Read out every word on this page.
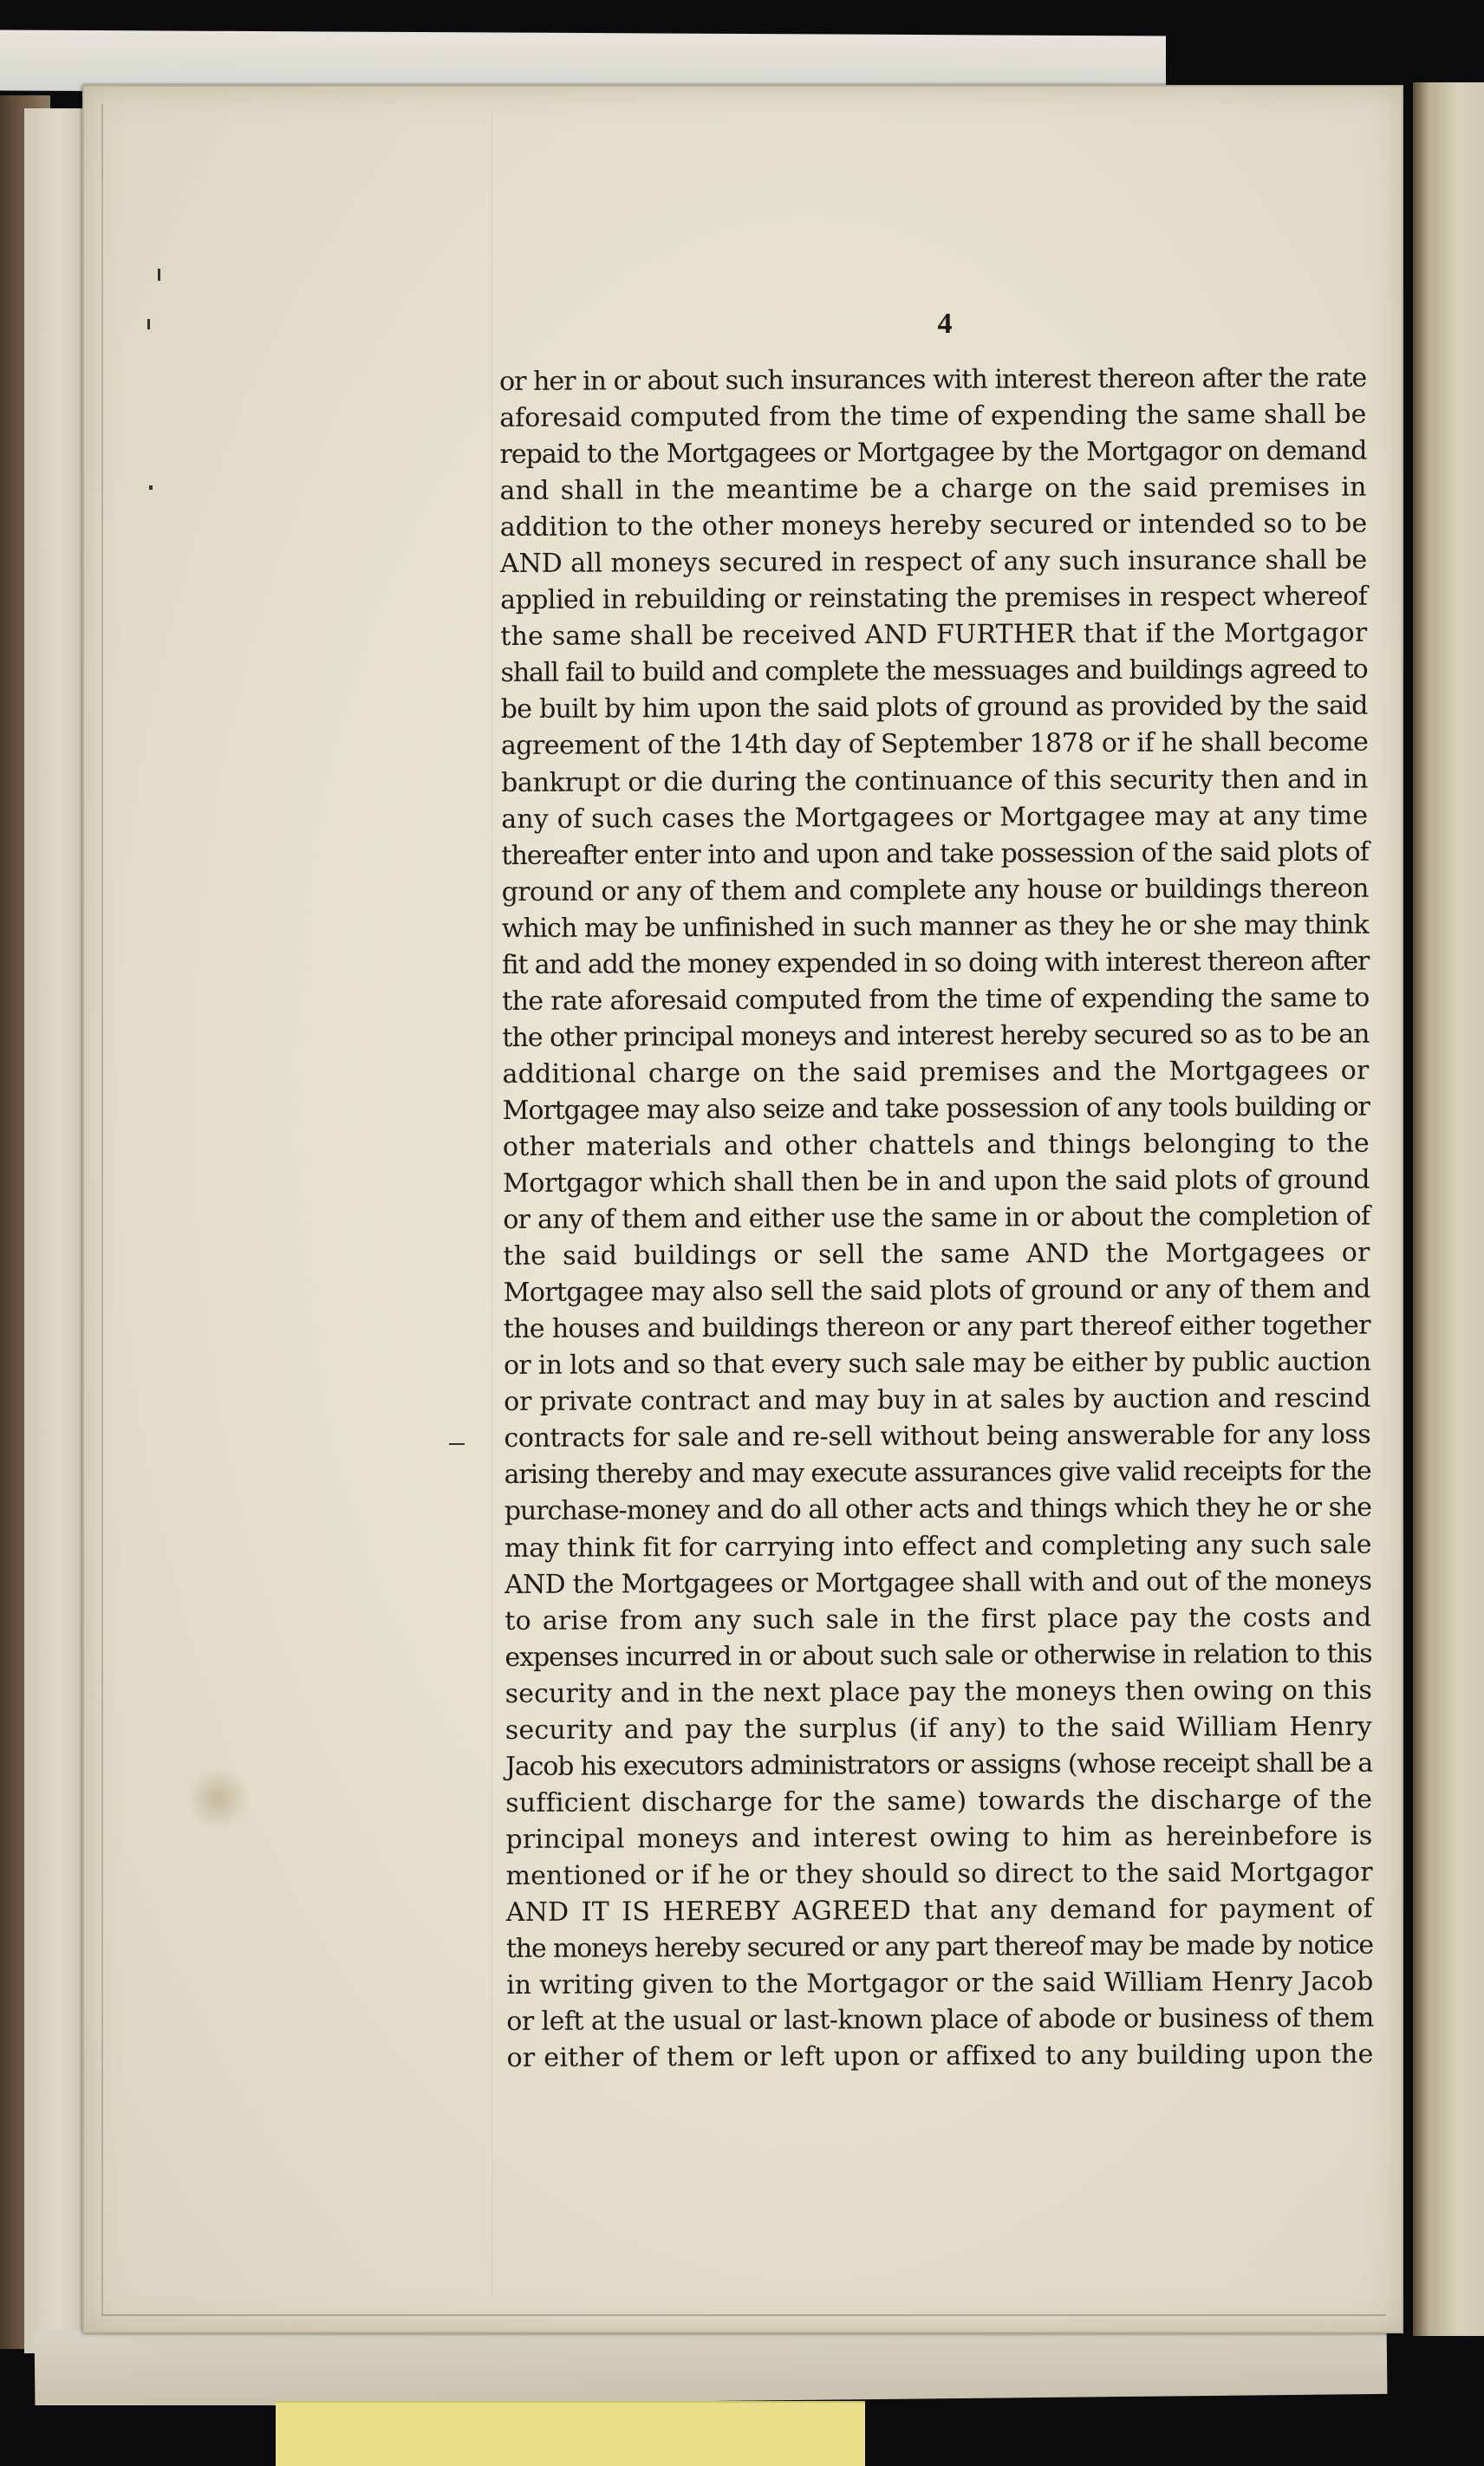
4
or her in or about such insurances with interest thereon after the rate
aforesaid computed from the time of expending the same shall be
repaid to the Mortgagees or Mortgagee by the Mortgagor on demand
and shall in the meantime be a charge on the said premises in
addition to the other moneys hereby secured or intended so to be
AND all moneys secured in respect of any such insurance shall be
applied in rebuilding or reinstating the premises in respect whereof
the same shall be received AND FURTHER that if the Mortgagor
shall fail to build and complete the messuages and buildings agreed to
be built by him upon the said plots of ground as provided by the said
agreement of the 14th day of September 1878 or if he shall become
bankrupt or die during the continuance of this security then and in
any of such cases the Mortgagees or Mortgagee may at any time
thereafter enter into and upon and take possession of the said plots of
ground or any of them and complete any house or buildings thereon
which may be unfinished in such manner as they he or she may think
fit and add the money expended in so doing with interest thereon after
the rate aforesaid computed from the time of expending the same to
the other principal moneys and interest hereby secured so as to be an
additional charge on the said premises and the Mortgagees or
Mortgagee may also seize and take possession of any tools building or
other materials and other chattels and things belonging to the
Mortgagor which shall then be in and upon the said plots of ground
or any of them and either use the same in or about the completion of
the said buildings or sell the same AND the Mortgagees or
Mortgagee may also sell the said plots of ground or any of them and
the houses and buildings thereon or any part thereof either together
or in lots and so that every such sale may be either by public auction
or private contract and may buy in at sales by auction and rescind
contracts for sale and re-sell without being answerable for any loss
arising thereby and may execute assurances give valid receipts for the
purchase-money and do all other acts and things which they he or she
may think fit for carrying into effect and completing any such sale
AND the Mortgagees or Mortgagee shall with and out of the moneys
to arise from any such sale in the first place pay the costs and
expenses incurred in or about such sale or otherwise in relation to this
security and in the next place pay the moneys then owing on this
security and pay the surplus (if any) to the said William Henry
Jacob his executors administrators or assigns (whose receipt shall be a
sufficient discharge for the same) towards the discharge of the
principal moneys and interest owing to him as hereinbefore is
mentioned or if he or they should so direct to the said Mortgagor
AND IT IS HEREBY AGREED that any demand for payment of
the moneys hereby secured or any part thereof may be made by notice
in writing given to the Mortgagor or the said William Henry Jacob
or left at the usual or last-known place of abode or business of them
or either of them or left upon or affixed to any building upon the
